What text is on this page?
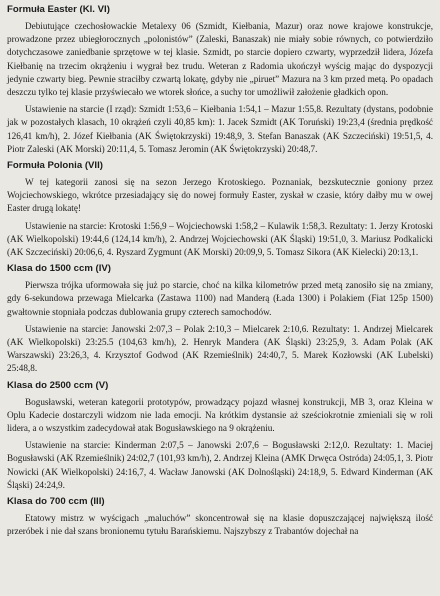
Formuła Easter (Kl. VI)

Debiutujące czechosłowackie Metalexy 06 (Szmidt, Kiełbania, Mazur) oraz nowe krajowe konstrukcje, prowadzone przez ubiegłorocznych „polonistów” (Zaleski, Banaszak) nie miały sobie równych, co potwierdziło dotychczasowe zaniedbanie sprzętowe w tej klasie. Szmidt, po starcie dopiero czwarty, wyprzedził lidera, Józefa Kiełbanię na trzecim okrążeniu i wygrał bez trudu. Weteran z Radomia ukończył wyścig mając do dyspozycji jedynie czwarty bieg. Pewnie straciłby czwartą lokatę, gdyby nie „piruet” Mazura na 3 km przed metą. Po opadach deszczu tylko tej klasie przyświecało we wtorek słońce, a suchy tor umożliwił założenie gładkich opon.

Ustawienie na starcie (I rząd): Szmidt 1:53,6 – Kiełbania 1:54,1 – Mazur 1:55,8. Rezultaty (dystans, podobnie jak w pozostałych klasach, 10 okrążeń czyli 40,85 km): 1. Jacek Szmidt (AK Toruński) 19:23,4 (średnia prędkość 126,41 km/h), 2. Józef Kiełbania (AK Świętokrzyski) 19:48,9, 3. Stefan Banaszak (AK Szczeciński) 19:51,5, 4. Piotr Zaleski (AK Morski) 20:11,4, 5. Tomasz Jeromin (AK Świętokrzyski) 20:48,7.

Formuła Polonia (VII)

W tej kategorii zanosi się na sezon Jerzego Krotoskiego. Poznaniak, bezskutecznie goniony przez Wojciechowskiego, wkrótce przesiadający się do nowej formuły Easter, zyskał w czasie, który dałby mu w owej Easter drugą lokatę!

Ustawienie na starcie: Krotoski 1:56,9 – Wojciechowski 1:58,2 – Kulawik 1:58,3. Rezultaty: 1. Jerzy Krotoski (AK Wielkopolski) 19:44,6 (124,14 km/h), 2. Andrzej Wojciechowski (AK Śląski) 19:51,0, 3. Mariusz Podkalicki (AK Szczeciński) 20:06,6, 4. Ryszard Zygmunt (AK Morski) 20:09,9, 5. Tomasz Sikora (AK Kielecki) 20:13,1.

Klasa do 1500 ccm (IV)

Pierwsza trójka uformowała się już po starcie, choć na kilka kilometrów przed metą zanosiło się na zmiany, gdy 6-sekundowa przewaga Mielcarka (Zastawa 1100) nad Manderą (Łada 1300) i Polakiem (Fiat 125p 1500) gwałtownie stopniała podczas dublowania grupy czterech samochodów.

Ustawienie na starcie: Janowski 2:07,3 – Polak 2:10,3 – Mielcarek 2:10,6. Rezultaty: 1. Andrzej Mielcarek (AK Wielkopolski) 23:25.5 (104,63 km/h), 2. Henryk Mandera (AK Śląski) 23:25,9, 3. Adam Polak (AK Warszawski) 23:26,3, 4. Krzysztof Godwod (AK Rzemieślnik) 24:40,7, 5. Marek Kozłowski (AK Lubelski) 25:48,8.

Klasa do 2500 ccm (V)

Bogusławski, weteran kategorii prototypów, prowadzący pojazd własnej konstrukcji, MB 3, oraz Kleina w Oplu Kadecie dostarczyli widzom nie lada emocji. Na krótkim dystansie aż sześciokrotnie zmieniali się w roli lidera, a o wszystkim zadecydował atak Bogusławskiego na 9 okrążeniu.

Ustawienie na starcie: Kinderman 2:07,5 – Janowski 2:07,6 – Bogusławski 2:12,0. Rezultaty: 1. Maciej Bogusławski (AK Rzemieślnik) 24:02,7 (101,93 km/h), 2. Andrzej Kleina (AMK Drwęca Ostróda) 24:05,1, 3. Piotr Nowicki (AK Wielkopolski) 24:16,7, 4. Wacław Janowski (AK Dolnośląski) 24:18,9, 5. Edward Kinderman (AK Śląski) 24:24,9.

Klasa do 700 ccm (III)

Etatowy mistrz w wyścigach „maluchów” skoncentrował się na klasie dopuszczającej największą ilość przeróbek i nie dał szans bronionemu tytułu Barańskiemu. Najszybszy z Trabantów dojechał na
